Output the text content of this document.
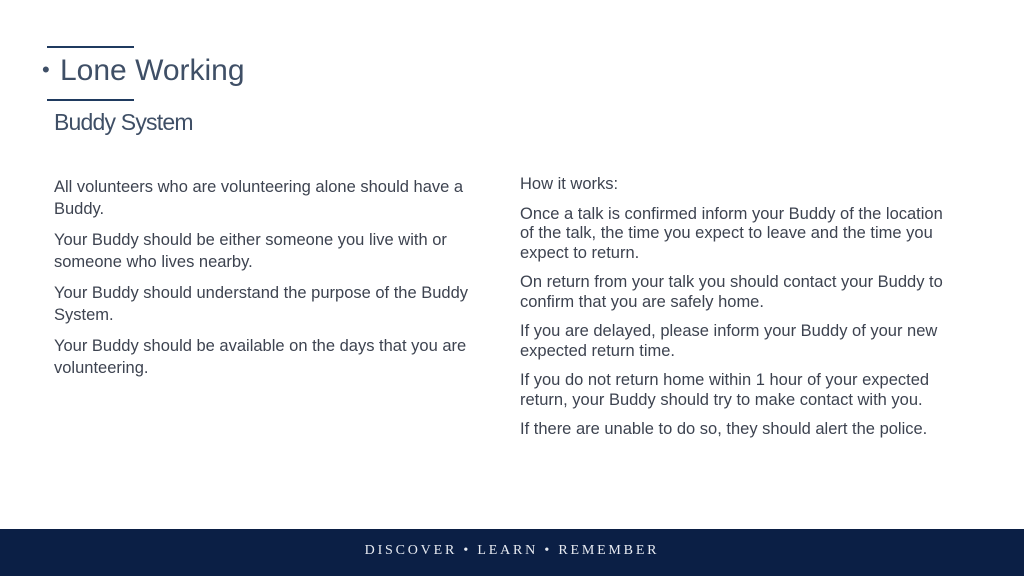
• Lone Working
Buddy System

All volunteers who are volunteering alone should have a Buddy.

Your Buddy should be either someone you live with or someone who lives nearby.

Your Buddy should understand the purpose of the Buddy System.

Your Buddy should be available on the days that you are volunteering.

How it works:

Once a talk is confirmed inform your Buddy of the location of the talk, the time you expect to leave and the time you expect to return.

On return from your talk you should contact your Buddy to confirm that you are safely home.

If you are delayed, please inform your Buddy of your new expected return time.

If you do not return home within 1 hour of your expected return, your Buddy should try to make contact with you.

If there are unable to do so, they should alert the police.

DISCOVER • LEARN • REMEMBER
